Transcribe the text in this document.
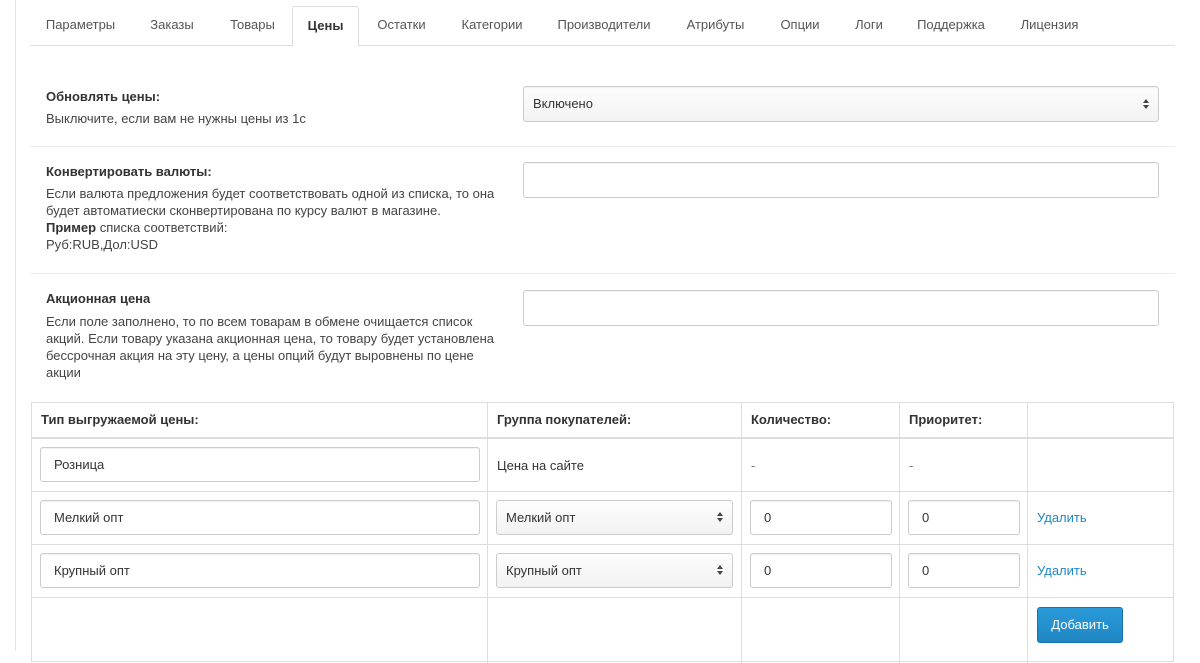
Параметры	Заказы	Товары	Цены	Остатки	Категории	Производители	Атрибуты	Опции	Логи	Поддержка	Лицензия
Обновлять цены:
Выключите, если вам не нужны цены из 1с
Включено
Конвертировать валюты:
Если валюта предложения будет соответствовать одной из списка, то она
будет автоматиески сконвертирована по курсу валют в магазине.
Пример списка соответствий:
Руб:RUB,Дол:USD
Акционная цена
Если поле заполнено, то по всем товарам в обмене очищается список
акций. Если товару указана акционная цена, то товару будет установлена
бессрочная акция на эту цену, а цены опций будут выровнены по цене
акции
Тип выгружаемой цены:	Группа покупателей:	Количество:	Приоритет:
Розница	Цена на сайте	-	-
Мелкий опт	Мелкий опт	0	0	Удалить
Крупный опт	Крупный опт	0	0	Удалить
Добавить
